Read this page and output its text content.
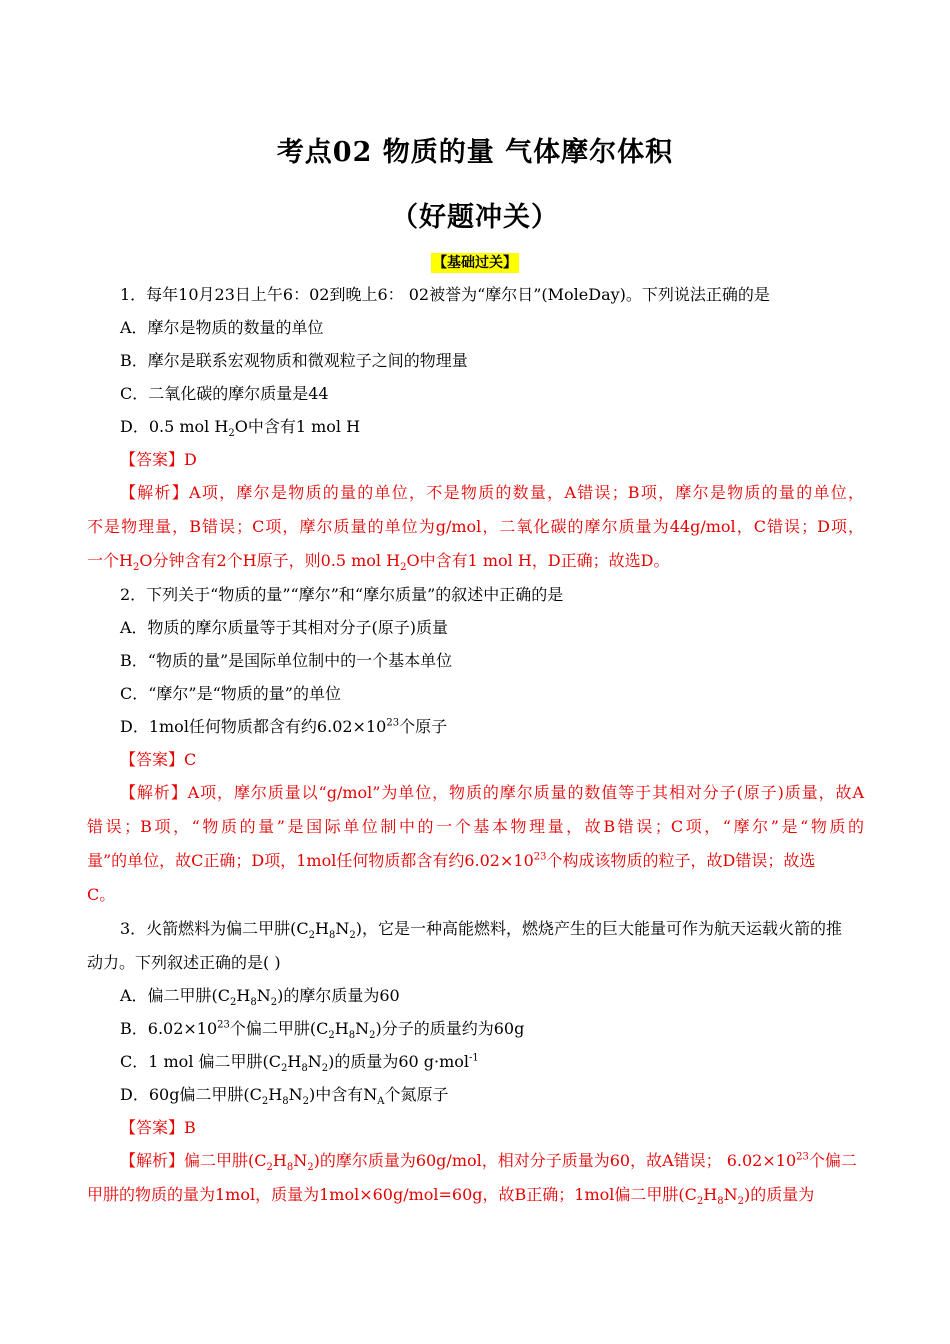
考点02 物质的量 气体摩尔体积
（好题冲关）
【基础过关】
1．每年10月23日上午6：02到晚上6： 02被誉为“摩尔日”(MoleDay)。下列说法正确的是
A．摩尔是物质的数量的单位
B．摩尔是联系宏观物质和微观粒子之间的物理量
C．二氧化碳的摩尔质量是44
D．0.5 mol $H_2O$中含有1 mol H
【答案】D
【解析】A项，摩尔是物质的量的单位，不是物质的数量，A错误；B项，摩尔是物质的量的单位，
不是物理量，B错误；C项，摩尔质量的单位为g/mol，二氧化碳的摩尔质量为44g/mol，C错误；D项，
一个$H_2O$分钟含有2个H原子，则0.5 mol $H_2O$中含有1 mol H，D正确；故选D。
2．下列关于“物质的量”“摩尔”和“摩尔质量”的叙述中正确的是
A．物质的摩尔质量等于其相对分子(原子)质量
B．“物质的量”是国际单位制中的一个基本单位
C．“摩尔”是“物质的量”的单位
D．1mol任何物质都含有约$6.02\times 10^{23}$个原子
【答案】C
【解析】A项，摩尔质量以“g/mol”为单位，物质的摩尔质量的数值等于其相对分子(原子)质量，故A
错误；B项，“物质的量”是国际单位制中的一个基本物理量，故B错误；C项，“摩尔”是“物质的
量”的单位，故C正确；D项，1mol任何物质都含有约$6.02\times 10^{23}$个构成该物质的粒子，故D错误；故选
C。
3．火箭燃料为偏二甲肼$(C_2H_8N_2)$，它是一种高能燃料，燃烧产生的巨大能量可作为航天运载火箭的推
动力。下列叙述正确的是( )
A．偏二甲肼$(C_2H_8N_2)$的摩尔质量为60
B．$6.02\times 10^{23}$个偏二甲肼$(C_2H_8N_2)$分子的质量约为60g
C．1 mol 偏二甲肼$(C_2H_8N_2)$的质量为60 g·mol$^{-1}$
D．60g偏二甲肼$(C_2H_8N_2)$中含有$N_A$个氮原子
【答案】B
【解析】偏二甲肼$(C_2H_8N_2)$的摩尔质量为60g/mol，相对分子质量为60，故A错误； $6.02\times 10^{23}$个偏二
甲肼的物质的量为1mol，质量为1mol×60g/mol=60g，故B正确；1mol偏二甲肼$(C_2H_8N_2)$的质量为
